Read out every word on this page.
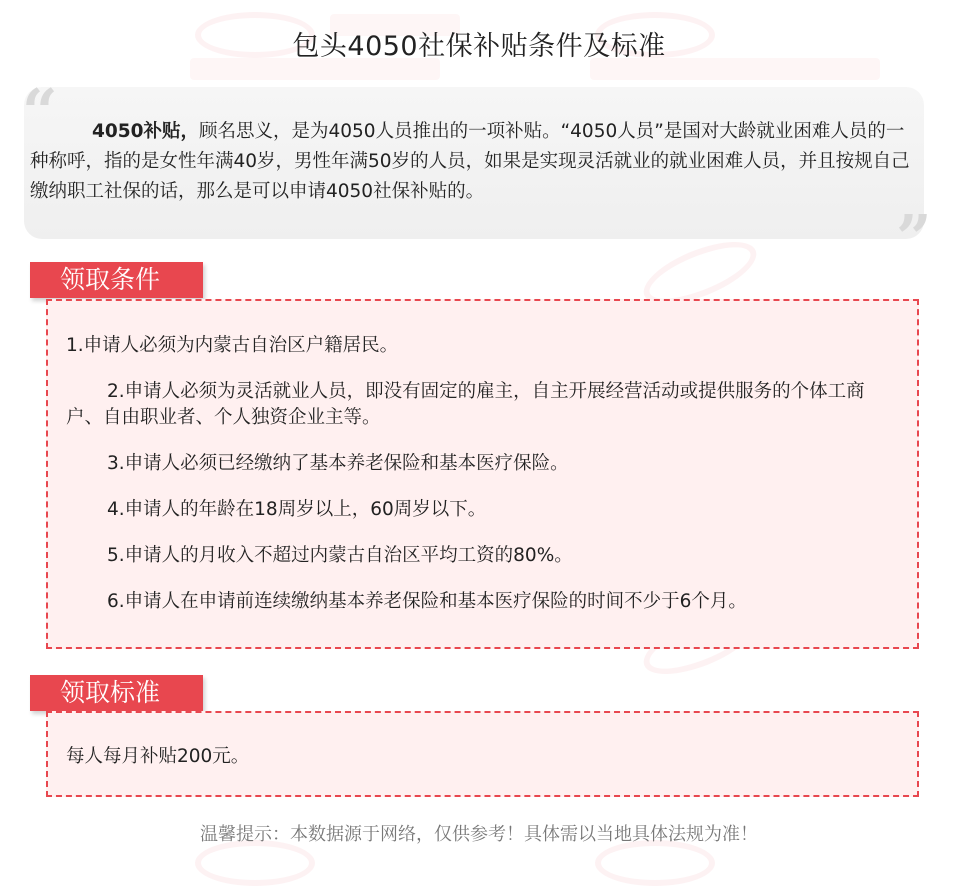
包头4050社保补贴条件及标准
“
”
4050补贴，顾名思义，是为4050人员推出的一项补贴。“4050人员”是国对大龄就业困难人员的一种称呼，指的是女性年满40岁，男性年满50岁的人员，如果是实现灵活就业的就业困难人员，并且按规自己缴纳职工社保的话，那么是可以申请4050社保补贴的。
领取条件
1.申请人必须为内蒙古自治区户籍居民。
2.申请人必须为灵活就业人员，即没有固定的雇主，自主开展经营活动或提供服务的个体工商户、自由职业者、个人独资企业主等。
3.申请人必须已经缴纳了基本养老保险和基本医疗保险。
4.申请人的年龄在18周岁以上，60周岁以下。
5.申请人的月收入不超过内蒙古自治区平均工资的80%。
6.申请人在申请前连续缴纳基本养老保险和基本医疗保险的时间不少于6个月。
领取标准
每人每月补贴200元。
温馨提示：本数据源于网络，仅供参考！具体需以当地具体法规为准！
